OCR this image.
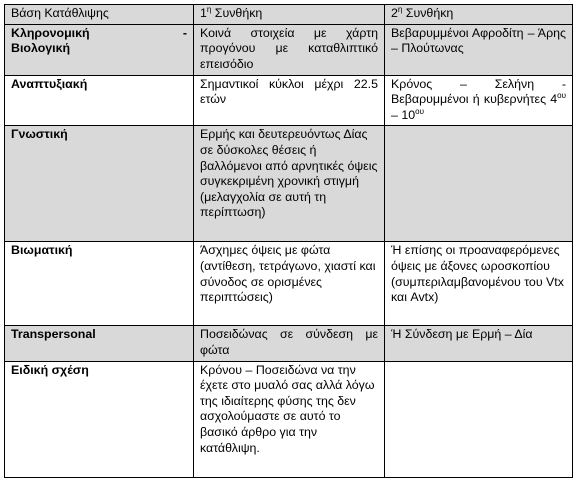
Βάση Κατάθλιψης	$1^\eta$ Συνθήκη	$2^\eta$ Συνθήκη

Κληρονομική -
Βιολογική	Κοινά στοιχεία με χάρτη προγόνου με καταθλιπτικό επεισόδιο	Βεβαρυμμένοι Αφροδίτη – Άρης – Πλούτωνας
Αναπτυξιακή	Σημαντικοί κύκλοι μέχρι 22.5 ετών	Κρόνος – Σελήνη - Βεβαρυμμένοι ή κυβερνήτες $4^{o\upsilon} - 10^{o\upsilon}$
Γνωστική	Ερμής και δευτερευόντως Δίας σε δύσκολες θέσεις ή βαλλόμενοι από αρνητικές όψεις συγκεκριμένη χρονική στιγμή (μελαγχολία σε αυτή τη περίπτωση)	
Βιωματική	Άσχημες όψεις με φώτα (αντίθεση, τετράγωνο, χιαστί και σύνοδος σε ορισμένες περιπτώσεις)	Ή επίσης οι προαναφερόμενες όψεις με άξονες ωροσκοπίου (συμπεριλαμβανομένου του Vtx και Avtx)
Transpersonal	Ποσειδώνας σε σύνδεση με φώτα	Ή Σύνδεση με Ερμή – Δία
Ειδική σχέση	Κρόνου – Ποσειδώνα να την έχετε στο μυαλό σας αλλά λόγω της ιδιαίτερης φύσης της δεν ασχολούμαστε σε αυτό το βασικό άρθρο για την κατάθλιψη.	
